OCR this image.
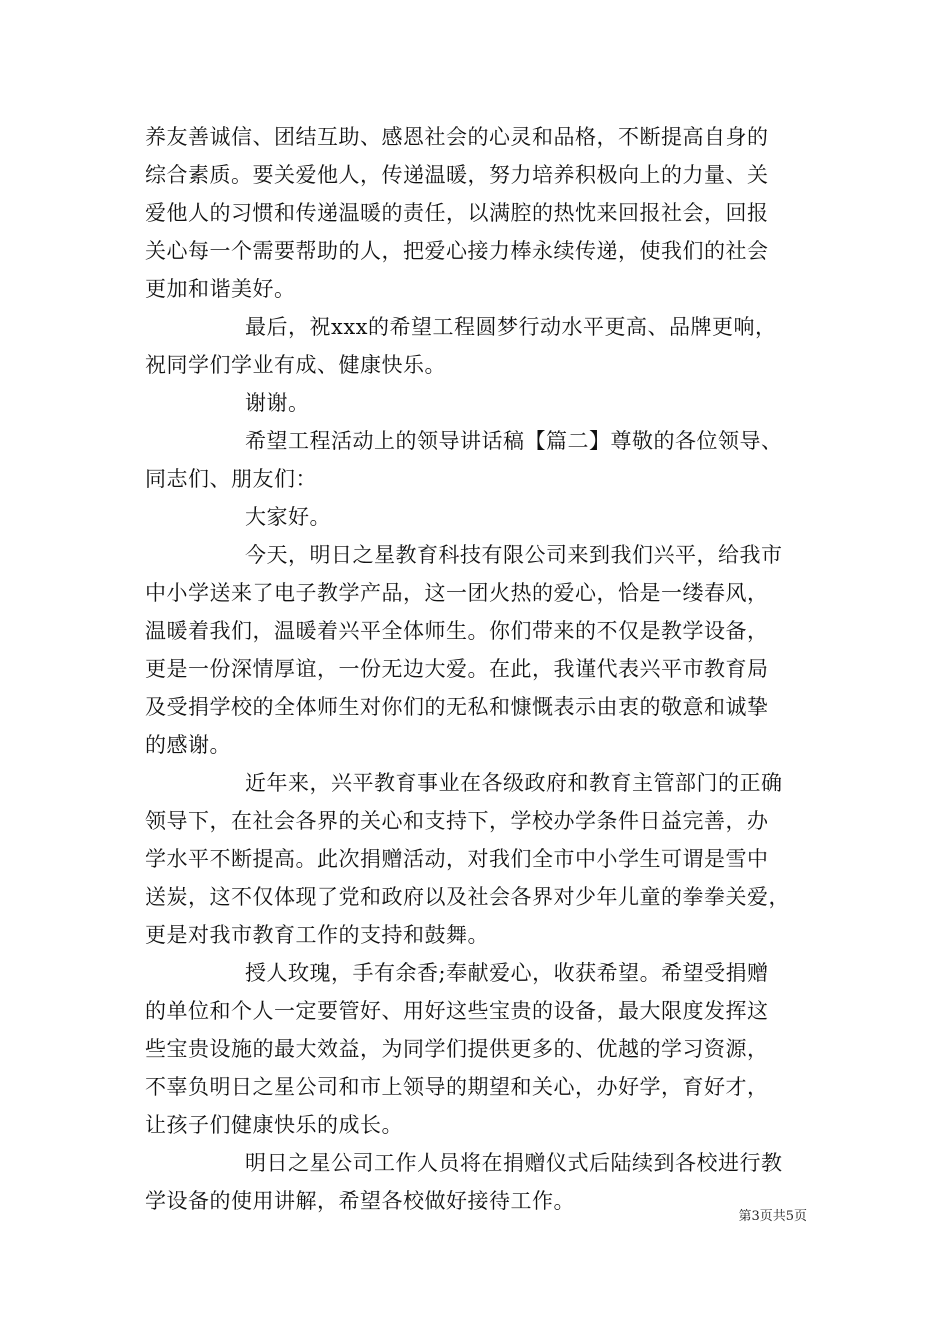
养友善诚信、团结互助、感恩社会的心灵和品格，不断提高自身的
综合素质。要关爱他人，传递温暖，努力培养积极向上的力量、关
爱他人的习惯和传递温暖的责任，以满腔的热忱来回报社会，回报
关心每一个需要帮助的人，把爱心接力棒永续传递，使我们的社会
更加和谐美好。
最后，祝xxx的希望工程圆梦行动水平更高、品牌更响，
祝同学们学业有成、健康快乐。
谢谢。
希望工程活动上的领导讲话稿【篇二】尊敬的各位领导、
同志们、朋友们：
大家好。
今天，明日之星教育科技有限公司来到我们兴平，给我市
中小学送来了电子教学产品，这一团火热的爱心，恰是一缕春风，
温暖着我们，温暖着兴平全体师生。你们带来的不仅是教学设备，
更是一份深情厚谊，一份无边大爱。在此，我谨代表兴平市教育局
及受捐学校的全体师生对你们的无私和慷慨表示由衷的敬意和诚挚
的感谢。
近年来，兴平教育事业在各级政府和教育主管部门的正确
领导下，在社会各界的关心和支持下，学校办学条件日益完善，办
学水平不断提高。此次捐赠活动，对我们全市中小学生可谓是雪中
送炭，这不仅体现了党和政府以及社会各界对少年儿童的拳拳关爱，
更是对我市教育工作的支持和鼓舞。
授人玫瑰，手有余香;奉献爱心，收获希望。希望受捐赠
的单位和个人一定要管好、用好这些宝贵的设备，最大限度发挥这
些宝贵设施的最大效益，为同学们提供更多的、优越的学习资源，
不辜负明日之星公司和市上领导的期望和关心，办好学，育好才，
让孩子们健康快乐的成长。
明日之星公司工作人员将在捐赠仪式后陆续到各校进行教
学设备的使用讲解，希望各校做好接待工作。
第3页共5页
